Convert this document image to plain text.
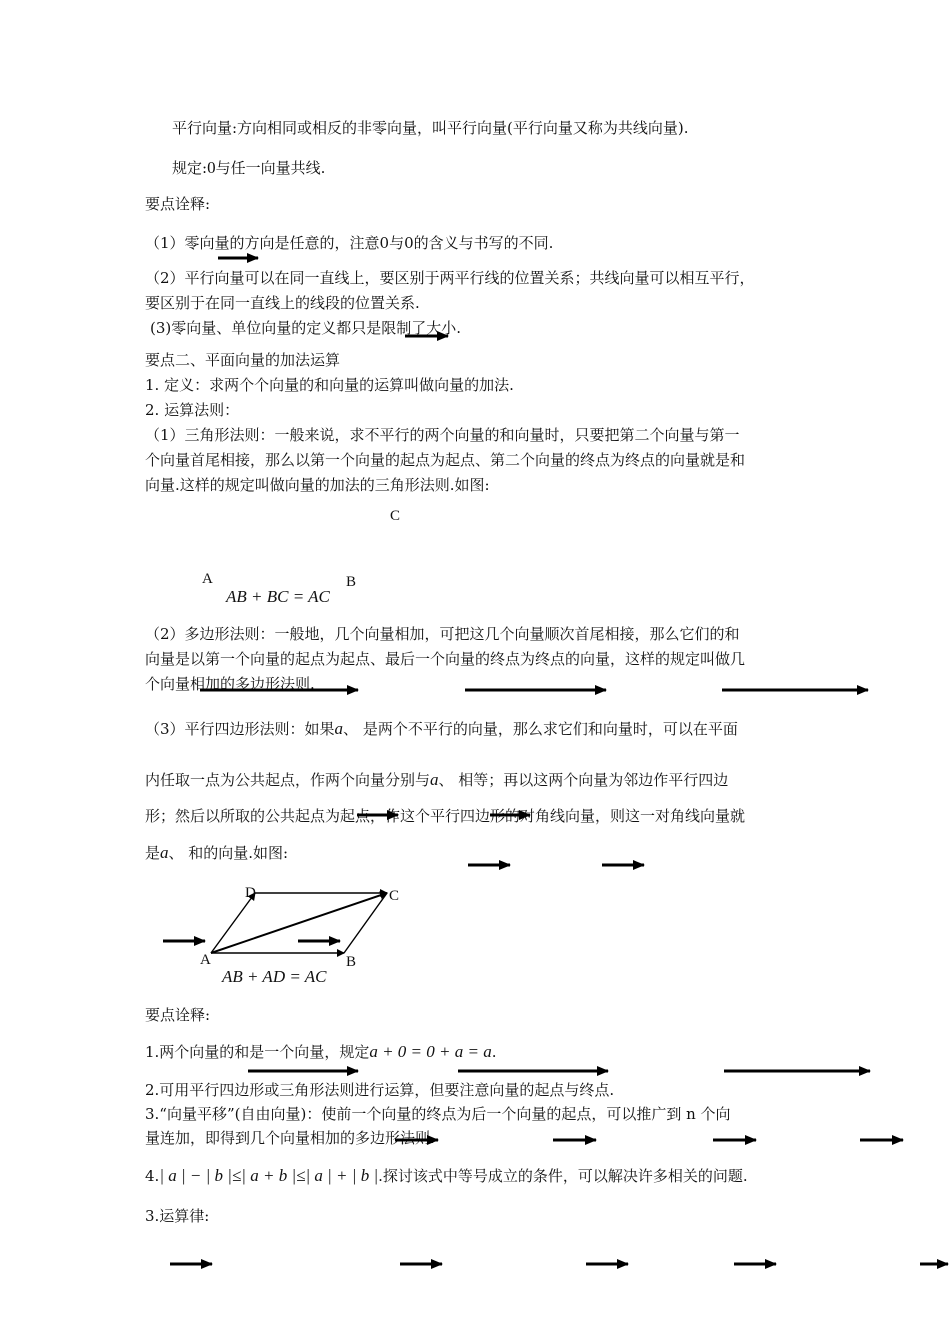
平行向量:方向相同或相反的非零向量，叫平行向量(平行向量又称为共线向量).
规定:0与任一向量共线.
要点诠释:
（1）零向量的方向是任意的，注意0与0的含义与书写的不同.
（2）平行向量可以在同一直线上，要区别于两平行线的位置关系；共线向量可以相互平行，
要区别于在同一直线上的线段的位置关系.
(3)零向量、单位向量的定义都只是限制了大小.
要点二、平面向量的加法运算
1. 定义：求两个个向量的和向量的运算叫做向量的加法.
2. 运算法则：
（1）三角形法则：一般来说，求不平行的两个向量的和向量时，只要把第二个向量与第一
个向量首尾相接，那么以第一个向量的起点为起点、第二个向量的终点为终点的向量就是和
向量.这样的规定叫做向量的加法的三角形法则.如图:
C
A	B
AB + BC = AC
（2）多边形法则：一般地，几个向量相加，可把这几个向量顺次首尾相接，那么它们的和
向量是以第一个向量的起点为起点、最后一个向量的终点为终点的向量，这样的规定叫做几
个向量相加的多边形法则.
（3）平行四边形法则：如果a、 是两个不平行的向量，那么求它们和向量时，可以在平面
内任取一点为公共起点，作两个向量分别与a、 相等；再以这两个向量为邻边作平行四边
形；然后以所取的公共起点为起点，作这个平行四边形的对角线向量，则这一对角线向量就
是a、 和的向量.如图:
D	C
A	B
AB + AD = AC
要点诠释:
1.两个向量的和是一个向量，规定a + 0 = 0 + a = a.
2.可用平行四边形或三角形法则进行运算，但要注意向量的起点与终点.
3.“向量平移”(自由向量)：使前一个向量的终点为后一个向量的起点，可以推广到 n 个向
量连加，即得到几个向量相加的多边形法则.
4.| a | − | b |≤| a + b |≤| a | + | b |.探讨该式中等号成立的条件，可以解决许多相关的问题.
3.运算律:
